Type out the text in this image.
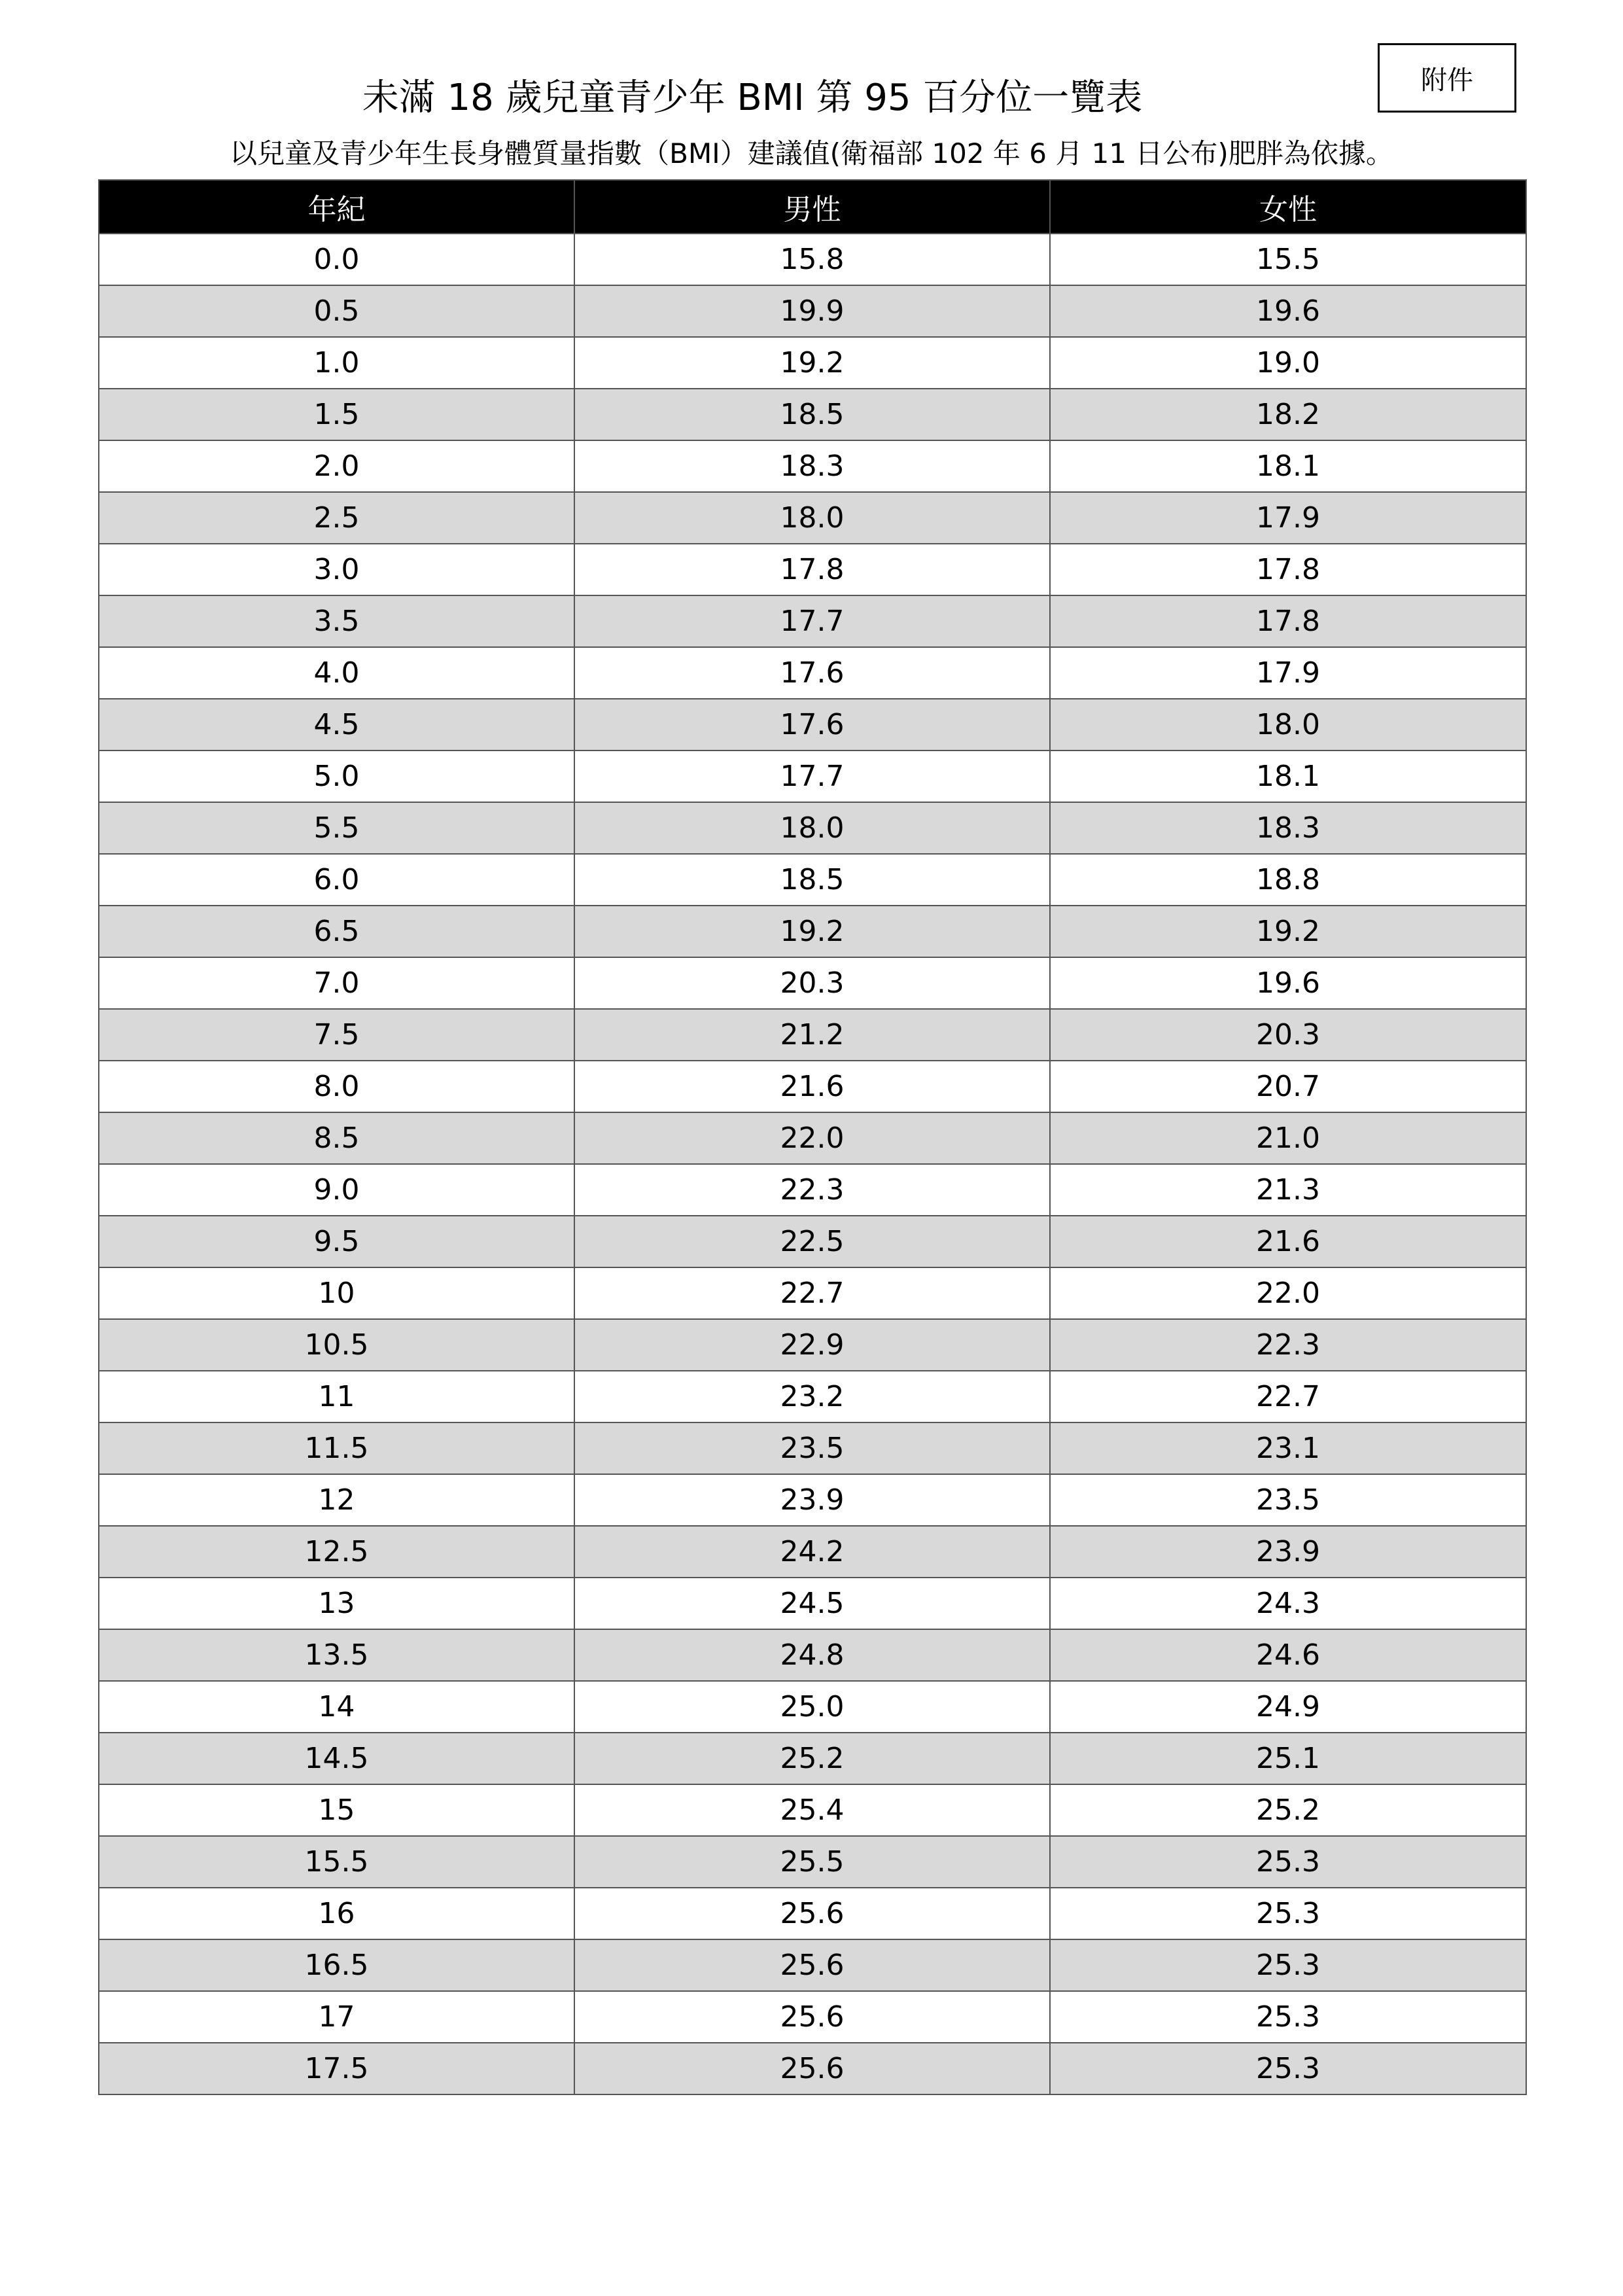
未滿 18 歲兒童青少年 BMI 第 95 百分位一覽表	附件
以兒童及青少年生長身體質量指數（BMI）建議值(衛福部 102 年 6 月 11 日公布)肥胖為依據。
年紀	男性	女性
0.0	15.8	15.5
0.5	19.9	19.6
1.0	19.2	19.0
1.5	18.5	18.2
2.0	18.3	18.1
2.5	18.0	17.9
3.0	17.8	17.8
3.5	17.7	17.8
4.0	17.6	17.9
4.5	17.6	18.0
5.0	17.7	18.1
5.5	18.0	18.3
6.0	18.5	18.8
6.5	19.2	19.2
7.0	20.3	19.6
7.5	21.2	20.3
8.0	21.6	20.7
8.5	22.0	21.0
9.0	22.3	21.3
9.5	22.5	21.6
10	22.7	22.0
10.5	22.9	22.3
11	23.2	22.7
11.5	23.5	23.1
12	23.9	23.5
12.5	24.2	23.9
13	24.5	24.3
13.5	24.8	24.6
14	25.0	24.9
14.5	25.2	25.1
15	25.4	25.2
15.5	25.5	25.3
16	25.6	25.3
16.5	25.6	25.3
17	25.6	25.3
17.5	25.6	25.3
